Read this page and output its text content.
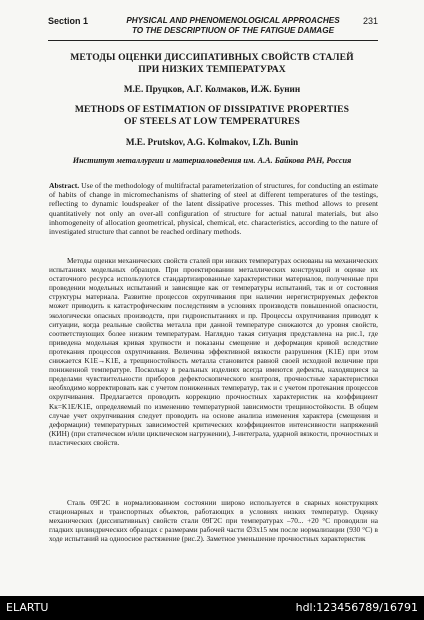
Section 1	PHYSICAL AND PHENOMENOLOGICAL APPROACHES
TO THE DESCRIPTIUON OF THE FATIGUE DAMAGE
231
МЕТОДЫ ОЦЕНКИ ДИССИПАТИВНЫХ СВОЙСТВ СТАЛЕЙ
ПРИ НИЗКИХ ТЕМПЕРАТУРАХ
М.Е. Пруцков, А.Г. Колмаков, И.Ж. Бунин
METHODS OF ESTIMATION OF DISSIPATIVE PROPERTIES
OF STEELS AT LOW TEMPERATURES
M.E. Prutskov, A.G. Kolmakov, I.Zh. Bunin
Институт металлургии и материаловедения им. А.А. Байкова РАН, Россия
Abstract. Use of the methodology of multifractal parameterization of structures, for conducting an estimate of habits of change in micromechanisms of shattering of steel at different temperatures of the testings, reflecting to dynamic loudspeaker of the latent dissipative processes. This method allows to present quantitatively not only an over-all configuration of structure for actual natural materials, but also inhomogeneity of allocation geometrical, physical, chemical, etc. characteristics, according to the nature of investigated structure that cannot be reached ordinary methods.

Методы оценки механических свойств сталей при низких температурах основаны на механических испытаниях модельных образцов. При проектировании металлических конструкций и оценке их остаточного ресурса используются стандартизированные характеристики материалов, полученные при проведении модельных испытаний и зависящие как от температуры испытаний, так и от состояния структуры материала. Развитие процессов охрупчивания при наличии нерегистрируемых дефектов может приводить к катастрофическим последствиям в условиях производств повышенной опасности, экологически опасных производств, при гидроиспытаниях и пр. Процессы охрупчивания приводят к ситуации, когда реальные свойства металла при данной температуре снижаются до уровня свойств, соответствующих более низким температурам. Наглядно такая ситуация представлена на рис.1, где приведена модельная кривая хрупкости и показаны смещение и деформация кривой вследствие протекания процессов охрупчивания. Величина эффективной вязкости разрушения (K1E) при этом снижается K1E→K1E, а трещиностойкость металла становится равной своей исходной величине при пониженной температуре. Поскольку в реальных изделиях всегда имеются дефекты, находящиеся за пределами чувствительности приборов дефектоскопического контроля, прочностные характеристики необходимо корректировать как с учетом пониженных температур, так и с учетом протекания процессов охрупчивания. Предлагается проводить коррекцию прочностных характеристик на коэффициент Kк=K1E/K1E, определяемый по изменению температурной зависимости трещиностойкости. В общем случае учет охрупчивания следует проводить на основе анализа изменения характера (смещения и деформации) температурных зависимостей критических коэффициентов интенсивности напряжений (КИН) (при статическом и/или циклическом нагружении), J-интеграла, ударной вязкости, прочностных и пластических свойств.

Сталь 09Г2С в нормализованном состоянии широко используется в сварных конструкциях стационарных и транспортных объектов, работающих в условиях низких температур. Оценку механических (диссипативных) свойств стали 09Г2С при температурах –70... +20 °С проводили на гладких цилиндрических образцах с размерами рабочей части ∅3x15 мм после нормализации (930 °С) в ходе испытаний на одноосное растяжение (рис.2). Заметное уменьшение прочностных характеристик

ELARTU	hdl:123456789/16791
